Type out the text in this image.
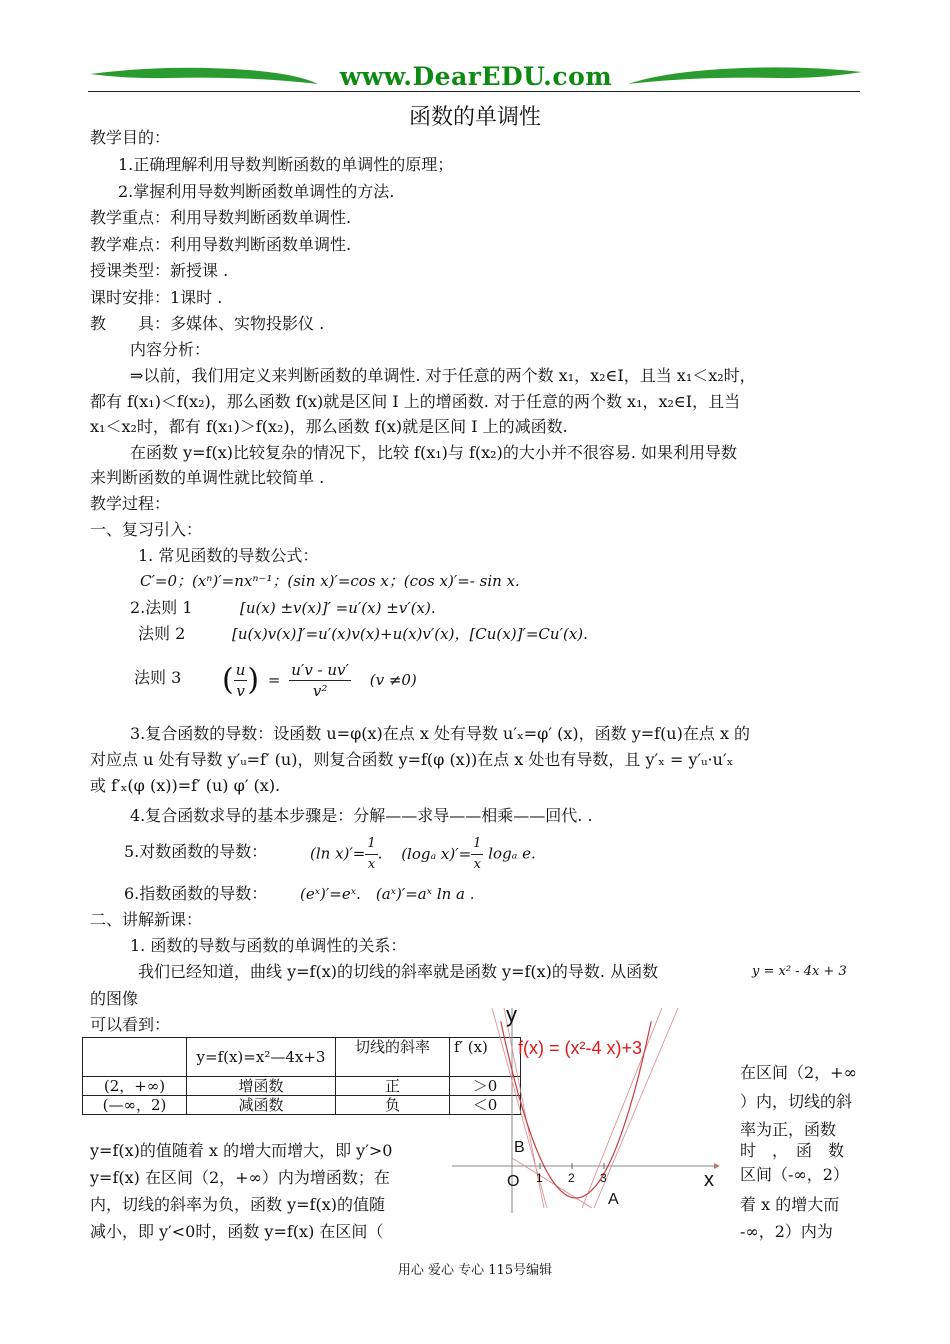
www.DearEDU.com
函数的单调性
教学目的：
1.正确理解利用导数判断函数的单调性的原理；
2.掌握利用导数判断函数单调性的方法.
教学重点：利用导数判断函数单调性.
教学难点：利用导数判断函数单调性.
授课类型：新授课 .
课时安排：1课时 .
教　　具：多媒体、实物投影仪 .
内容分析：
⇒以前，我们用定义来判断函数的单调性. 对于任意的两个数 x₁，x₂∈I，且当 x₁＜x₂时，
都有 f(x₁)＜f(x₂)，那么函数 f(x)就是区间 I 上的增函数. 对于任意的两个数 x₁，x₂∈I，且当
x₁＜x₂时，都有 f(x₁)＞f(x₂)，那么函数 f(x)就是区间 I 上的减函数.
在函数 y=f(x)比较复杂的情况下，比较 f(x₁)与 f(x₂)的大小并不很容易. 如果利用导数
来判断函数的单调性就比较简单 .
教学过程：
一、复习引入：
1. 常见函数的导数公式：
C′=0；(xⁿ)′=nxⁿ⁻¹；(sin x)′=cos x；(cos x)′=- sin x.
2.法则 1	[u(x) ±v(x)]′ =u′(x) ±v′(x).
法则 2	[u(x)v(x)]′=u′(x)v(x)+u(x)v′(x)，[Cu(x)]′=Cu′(x).
法则 3 ( $\frac{u}{v}$ ) = $\frac{u'v - uv'}{\text{v²}} (v \ne 0)$
3.复合函数的导数：设函数 u=φ(x)在点 x 处有导数 u′ₓ=φ′ (x)，函数 y=f(u)在点 x 的
对应点 u 处有导数 y′ᵤ=f′ (u)，则复合函数 y=f(φ (x))在点 x 处也有导数，且 y′ₓ = y′ᵤ·u′ₓ
或 f′ₓ(φ (x))=f′ (u) φ′ (x).
4.复合函数求导的基本步骤是：分解——求导——相乘——回代. .
5.对数函数的导数：	(ln $x)'= \frac{1}{x}$ . (logₐ $x)'= \frac{1}{x}$ logₐ e.
6.指数函数的导数： (eˣ)′=eˣ.　(aˣ)′=aˣ ln a .
二、讲解新课：
1. 函数的导数与函数的单调性的关系：
我们已经知道，曲线 y=f(x)的切线的斜率就是函数 y=f(x)的导数. 从函数	y = x² - 4x + 3
的图像
可以看到：
	y=f(x)=x²—4x+3	切线的斜率	f′ (x)
(2，+∞)	增函数	正	＞0
(—∞，2)	减函数	负	＜0
y=f(x)的值随着 x 的增大而增大，即 y′>0
y=f(x) 在区间（2，+∞）内为增函数；在
内，切线的斜率为负，函数 y=f(x)的值随
减小，即 y′<0时，函数 y=f(x) 在区间（
在区间（2，+∞
）内，切线的斜
率为正，函数
时　，　函　数
区间（-∞，2）
着 x 的增大而
-∞，2）内为
y
x
O
B
A
1 2 3
f(x) = (x²-4 x)+3
用心 爱心 专心 115号编辑
